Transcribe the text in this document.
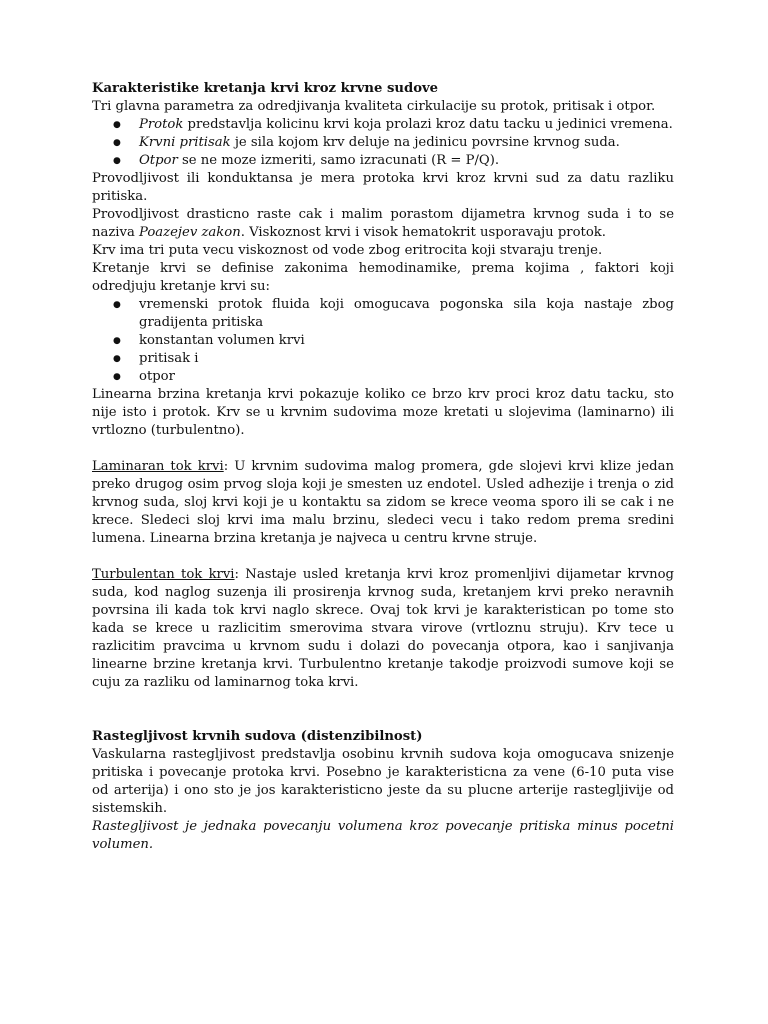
Karakteristike kretanja krvi kroz krvne sudove

Tri glavna parametra za odredjivanja kvaliteta cirkulacije su protok, pritisak i otpor.

● Protok predstavlja kolicinu krvi koja prolazi kroz datu tacku u jedinici vremena.
● Krvni pritisak je sila kojom krv deluje na jedinicu povrsine krvnog suda.
● Otpor se ne moze izmeriti, samo izracunati (R = P/Q).

Provodljivost ili konduktansa je mera protoka krvi kroz krvni sud za datu razliku pritiska.

Provodljivost drasticno raste cak i malim porastom dijametra krvnog suda i to se naziva Poazejev zakon. Viskoznost krvi i visok hematokrit usporavaju protok.

Krv ima tri puta vecu viskoznost od vode zbog eritrocita koji stvaraju trenje.

Kretanje krvi se definise zakonima hemodinamike, prema kojima , faktori koji odredjuju kretanje krvi su:

● vremenski protok fluida koji omogucava pogonska sila koja nastaje zbog gradijenta pritiska
● konstantan volumen krvi
● pritisak i
● otpor

Linearna brzina kretanja krvi pokazuje koliko ce brzo krv proci kroz datu tacku, sto nije isto i protok. Krv se u krvnim sudovima moze kretati u slojevima (laminarno) ili vrtlozno (turbulentno).

Laminaran tok krvi: U krvnim sudovima malog promera, gde slojevi krvi klize jedan preko drugog osim prvog sloja koji je smesten uz endotel. Usled adhezije i trenja o zid krvnog suda, sloj krvi koji je u kontaktu sa zidom se krece veoma sporo ili se cak i ne krece. Sledeci sloj krvi ima malu brzinu, sledeci vecu i tako redom prema sredini lumena. Linearna brzina kretanja je najveca u centru krvne struje.

Turbulentan tok krvi: Nastaje usled kretanja krvi kroz promenljivi dijametar krvnog suda, kod naglog suzenja ili prosirenja krvnog suda, kretanjem krvi preko neravnih povrsina ili kada tok krvi naglo skrece. Ovaj tok krvi je karakteristican po tome sto kada se krece u razlicitim smerovima stvara virove (vrtloznu struju). Krv tece u razlicitim pravcima u krvnom sudu i dolazi do povecanja otpora, kao i sanjivanja linearne brzine kretanja krvi. Turbulentno kretanje takodje proizvodi sumove koji se cuju za razliku od laminarnog toka krvi.

Rastegljivost krvnih sudova (distenzibilnost)

Vaskularna rastegljivost predstavlja osobinu krvnih sudova koja omogucava snizenje pritiska i povecanje protoka krvi. Posebno je karakteristicna za vene (6-10 puta vise od arterija) i ono sto je jos karakteristicno jeste da su plucne arterije rastegljivije od sistemskih.

Rastegljivost je jednaka povecanju volumena kroz povecanje pritiska minus pocetni volumen.
